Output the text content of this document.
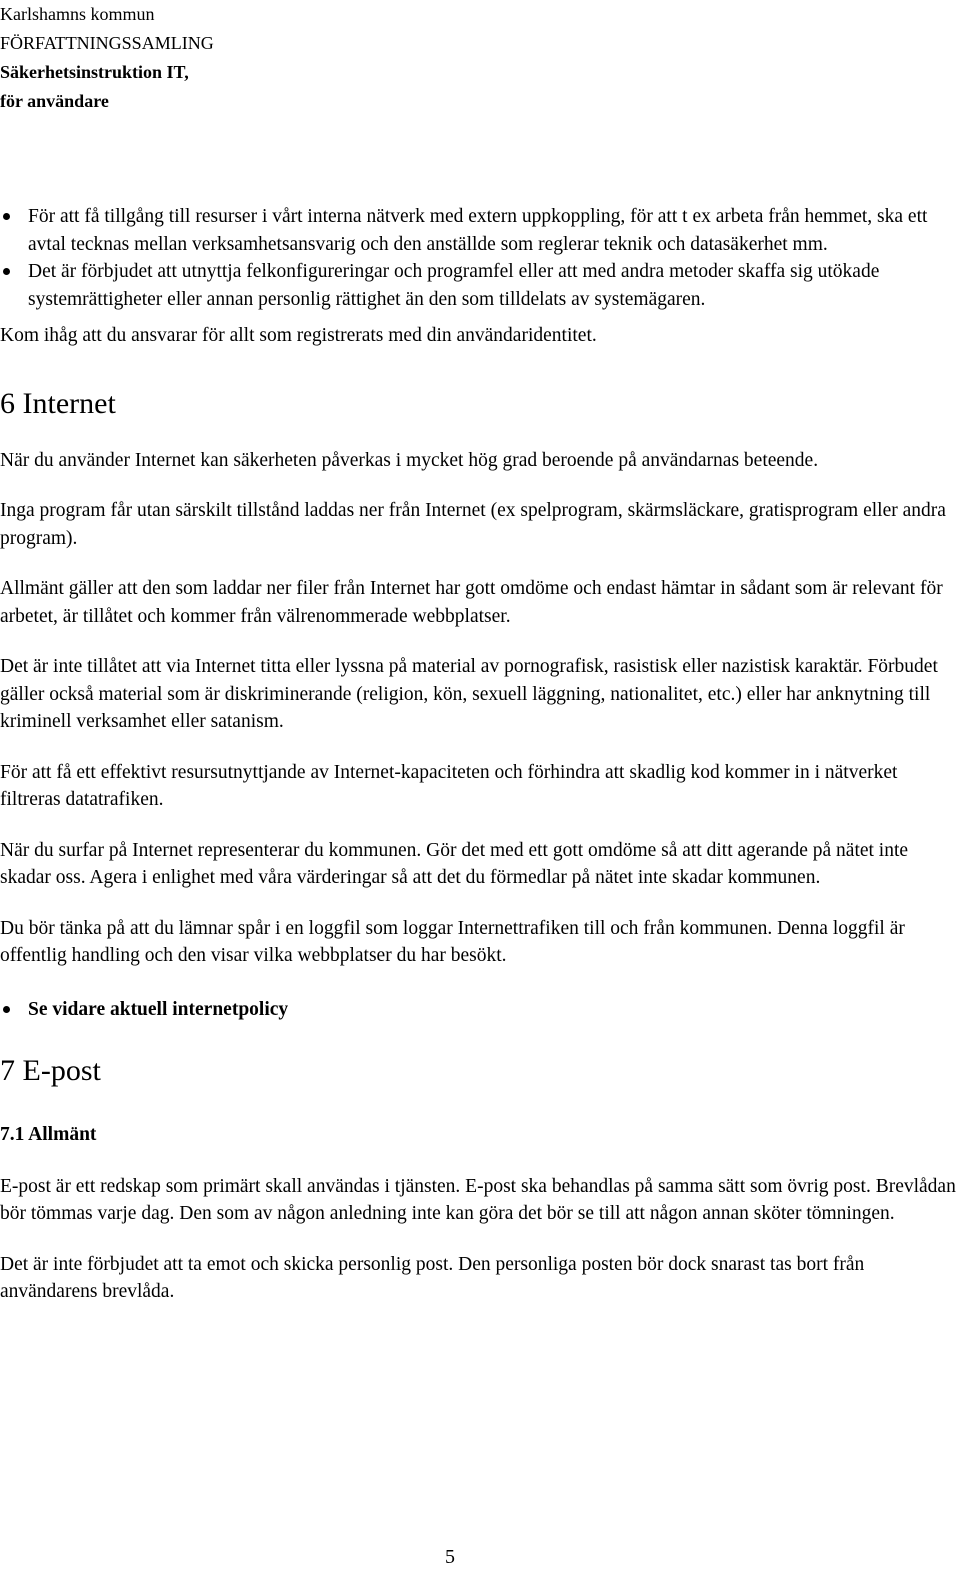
Karlshamns kommun
FÖRFATTNINGSSAMLING
Säkerhetsinstruktion IT,
för användare
För att få tillgång till resurser i vårt interna nätverk med extern uppkoppling, för att t ex arbeta från hemmet, ska ett avtal tecknas mellan verksamhetsansvarig och den anställde som reglerar teknik och datasäkerhet mm.
Det är förbjudet att utnyttja felkonfigureringar och programfel eller att med andra metoder skaffa sig utökade systemrättigheter eller annan personlig rättighet än den som tilldelats av systemägaren.

Kom ihåg att du ansvarar för allt som registrerats med din användaridentitet.

6 Internet

När du använder Internet kan säkerheten påverkas i mycket hög grad beroende på användarnas beteende.

Inga program får utan särskilt tillstånd laddas ner från Internet (ex spelprogram, skärmsläckare, gratisprogram eller andra program).

Allmänt gäller att den som laddar ner filer från Internet har gott omdöme och endast hämtar in sådant som är relevant för arbetet, är tillåtet och kommer från välrenommerade webbplatser.

Det är inte tillåtet att via Internet titta eller lyssna på material av pornografisk, rasistisk eller nazistisk karaktär. Förbudet gäller också material som är diskriminerande (religion, kön, sexuell läggning, nationalitet, etc.) eller har anknytning till kriminell verksamhet eller satanism.

För att få ett effektivt resursutnyttjande av Internet-kapaciteten och förhindra att skadlig kod kommer in i nätverket filtreras datatrafiken.

När du surfar på Internet representerar du kommunen. Gör det med ett gott omdöme så att ditt agerande på nätet inte skadar oss. Agera i enlighet med våra värderingar så att det du förmedlar på nätet inte skadar kommunen.

Du bör tänka på att du lämnar spår i en loggfil som loggar Internettrafiken till och från kommunen. Denna loggfil är offentlig handling och den visar vilka webbplatser du har besökt.

Se vidare aktuell internetpolicy

7 E-post

7.1 Allmänt

E-post är ett redskap som primärt skall användas i tjänsten. E-post ska behandlas på samma sätt som övrig post. Brevlådan bör tömmas varje dag. Den som av någon anledning inte kan göra det bör se till att någon annan sköter tömningen.

Det är inte förbjudet att ta emot och skicka personlig post. Den personliga posten bör dock snarast tas bort från användarens brevlåda.

5
